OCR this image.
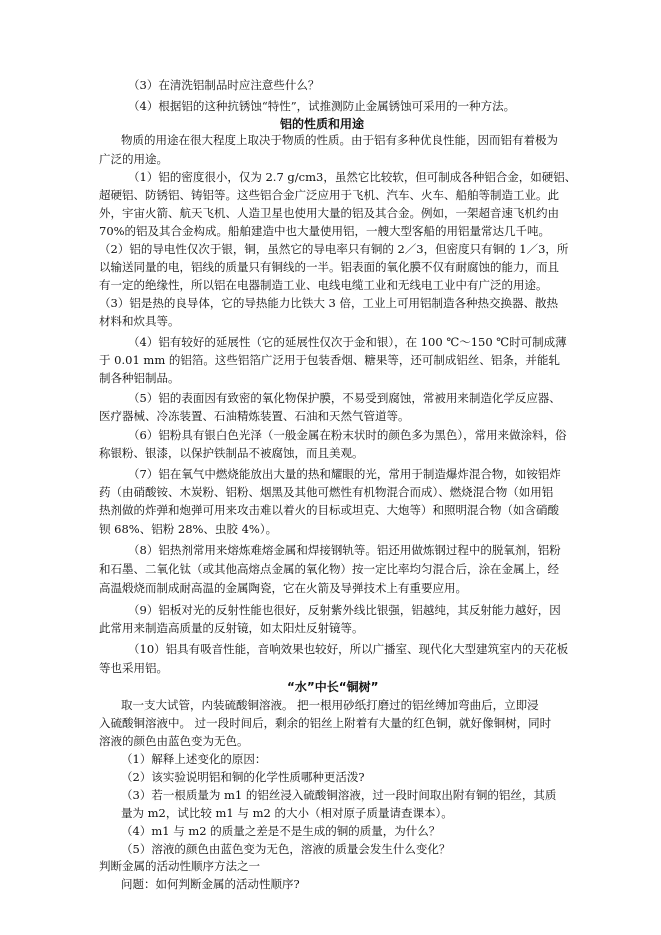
（3）在清洗铝制品时应注意些什么？

（4）根据铝的这种抗锈蚀“特性”，试推测防止金属锈蚀可采用的一种方法。

铝的性质和用途

物质的用途在很大程度上取决于物质的性质。由于铝有多种优良性能，因而铝有着极为

广泛的用途。

（1）铝的密度很小，仅为 2.7 g/cm3，虽然它比较软，但可制成各种铝合金，如硬铝、

超硬铝、防锈铝、铸铝等。这些铝合金广泛应用于飞机、汽车、火车、船舶等制造工业。此

外，宇宙火箭、航天飞机、人造卫星也使用大量的铝及其合金。例如，一架超音速飞机约由

70%的铝及其合金构成。船舶建造中也大量使用铝，一艘大型客船的用铝量常达几千吨。

（2）铝的导电性仅次于银，铜，虽然它的导电率只有铜的 2／3，但密度只有铜的 1／3，所

以输送同量的电，铝线的质量只有铜线的一半。铝表面的氧化膜不仅有耐腐蚀的能力，而且

有一定的绝缘性，所以铝在电器制造工业、电线电缆工业和无线电工业中有广泛的用途。

（3）铝是热的良导体，它的导热能力比铁大 3 倍，工业上可用铝制造各种热交换器、散热

材料和炊具等。

（4）铝有较好的延展性（它的延展性仅次于金和银），在 100 ℃～150 ℃时可制成薄

于 0.01 mm 的铝箔。这些铝箔广泛用于包装香烟、糖果等，还可制成铝丝、铝条，并能轧

制各种铝制品。

（5）铝的表面因有致密的氧化物保护膜，不易受到腐蚀，常被用来制造化学反应器、

医疗器械、冷冻装置、石油精炼装置、石油和天然气管道等。

（6）铝粉具有银白色光泽（一般金属在粉末状时的颜色多为黑色），常用来做涂料，俗

称银粉、银漆，以保护铁制品不被腐蚀，而且美观。

（7）铝在氧气中燃烧能放出大量的热和耀眼的光，常用于制造爆炸混合物，如铵铝炸

药（由硝酸铵、木炭粉、铝粉、烟黑及其他可燃性有机物混合而成）、燃烧混合物（如用铝

热剂做的炸弹和炮弹可用来攻击难以着火的目标或坦克、大炮等）和照明混合物（如含硝酸

钡 68%、铝粉 28%、虫胶 4%）。

（8）铝热剂常用来熔炼难熔金属和焊接钢轨等。铝还用做炼钢过程中的脱氧剂，铝粉

和石墨、二氧化钛（或其他高熔点金属的氧化物）按一定比率均匀混合后，涂在金属上，经

高温煅烧而制成耐高温的金属陶瓷，它在火箭及导弹技术上有重要应用。

（9）铝板对光的反射性能也很好，反射紫外线比银强，铝越纯，其反射能力越好，因

此常用来制造高质量的反射镜，如太阳灶反射镜等。

（10）铝具有吸音性能，音响效果也较好，所以广播室、现代化大型建筑室内的天花板

等也采用铝。

“水”中长“铜树”

取一支大试管，内装硫酸铜溶液。 把一根用砂纸打磨过的铝丝缚加弯曲后，立即浸

入硫酸铜溶液中。 过一段时间后，剩余的铝丝上附着有大量的红色铜，就好像铜树，同时

溶液的颜色由蓝色变为无色。

（1）解释上述变化的原因：

（2）该实验说明铝和铜的化学性质哪种更活泼?

（3）若一根质量为 m1 的铝丝浸入硫酸铜溶液，过一段时间取出附有铜的铝丝，其质

量为 m2，试比较 m1 与 m2 的大小（相对原子质量请查课本）。

（4）m1 与 m2 的质量之差是不是生成的铜的质量，为什么？

（5）溶液的颜色由蓝色变为无色，溶液的质量会发生什么变化？

判断金属的活动性顺序方法之一

问题：如何判断金属的活动性顺序?
